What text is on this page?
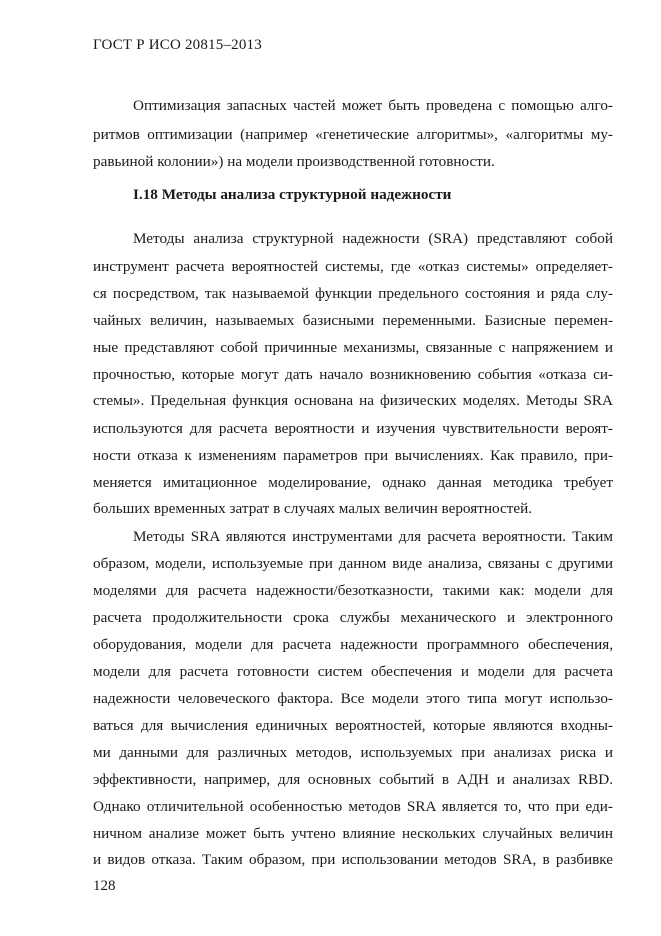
ГОСТ Р ИСО 20815–2013
Оптимизация запасных частей может быть проведена с помощью алго-
ритмов оптимизации (например «генетические алгоритмы», «алгоритмы му-
равьиной колонии») на модели производственной готовности.
I.18 Методы анализа структурной надежности
Методы анализа структурной надежности (SRA) представляют собой
инструмент расчета вероятностей системы, где «отказ системы» определяет-
ся посредством, так называемой функции предельного состояния и ряда слу-
чайных величин, называемых базисными переменными. Базисные перемен-
ные представляют собой причинные механизмы, связанные с напряжением и
прочностью, которые могут дать начало возникновению события «отказа си-
стемы». Предельная функция основана на физических моделях. Методы SRA
используются для расчета вероятности и изучения чувствительности вероят-
ности отказа к изменениям параметров при вычислениях. Как правило, при-
меняется имитационное моделирование, однако данная методика требует
больших временных затрат в случаях малых величин вероятностей.
Методы SRA являются инструментами для расчета вероятности. Таким
образом, модели, используемые при данном виде анализа, связаны с другими
моделями для расчета надежности/безотказности, такими как: модели для
расчета продолжительности срока службы механического и электронного
оборудования, модели для расчета надежности программного обеспечения,
модели для расчета готовности систем обеспечения и модели для расчета
надежности человеческого фактора. Все модели этого типа могут использо-
ваться для вычисления единичных вероятностей, которые являются входны-
ми данными для различных методов, используемых при анализах риска и
эффективности, например, для основных событий в АДН и анализах RBD.
Однако отличительной особенностью методов SRA является то, что при еди-
ничном анализе может быть учтено влияние нескольких случайных величин
и видов отказа. Таким образом, при использовании методов SRA, в разбивке
128
